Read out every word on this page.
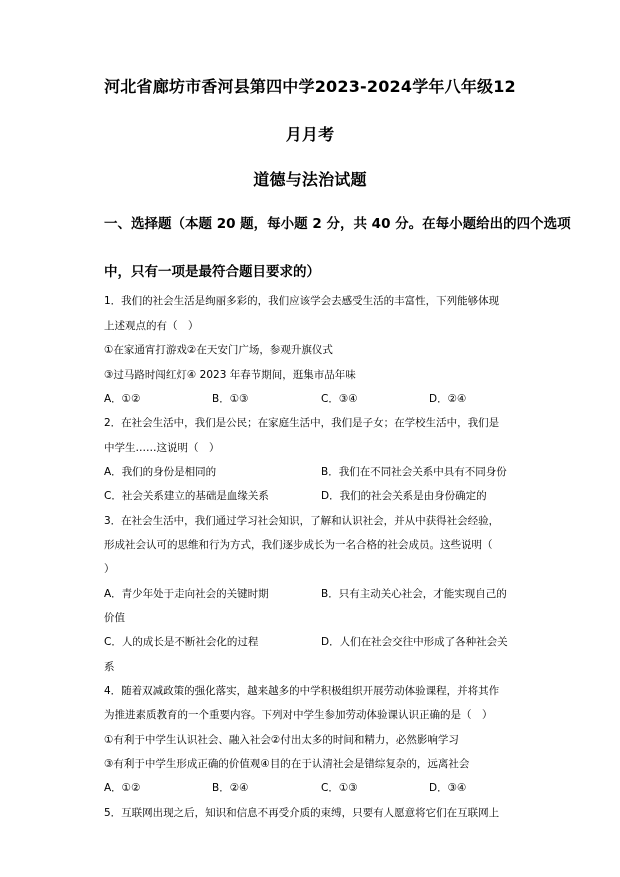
河北省廊坊市香河县第四中学2023-2024学年八年级12
月月考
道德与法治试题
一、选择题（本题 20 题，每小题 2 分，共 40 分。在每小题给出的四个选项
中，只有一项是最符合题目要求的）
1．我们的社会生活是绚丽多彩的，我们应该学会去感受生活的丰富性，下列能够体现
上述观点的有（　）
①在家通宵打游戏②在天安门广场，参观升旗仪式
③过马路时闯红灯④ 2023 年春节期间，逛集市品年味
A．①②	B．①③	C．③④	D．②④
2．在社会生活中，我们是公民；在家庭生活中，我们是子女；在学校生活中，我们是
中学生……这说明（　）
A．我们的身份是相同的	B．我们在不同社会关系中具有不同身份
C．社会关系建立的基础是血缘关系	D．我们的社会关系是由身份确定的
3．在社会生活中，我们通过学习社会知识，了解和认识社会，并从中获得社会经验，
形成社会认可的思维和行为方式，我们逐步成长为一名合格的社会成员。这些说明（
）
A．青少年处于走向社会的关键时期	B．只有主动关心社会，才能实现自己的
价值
C．人的成长是不断社会化的过程	D．人们在社会交往中形成了各种社会关
系
4．随着双减政策的强化落实，越来越多的中学积极组织开展劳动体验课程，并将其作
为推进素质教育的一个重要内容。下列对中学生参加劳动体验课认识正确的是（　）
①有利于中学生认识社会、融入社会②付出太多的时间和精力，必然影响学习
③有利于中学生形成正确的价值观④目的在于认清社会是错综复杂的，远离社会
A．①②	B．②④	C．①③	D．③④
5．互联网出现之后，知识和信息不再受介质的束缚，只要有人愿意将它们在互联网上
